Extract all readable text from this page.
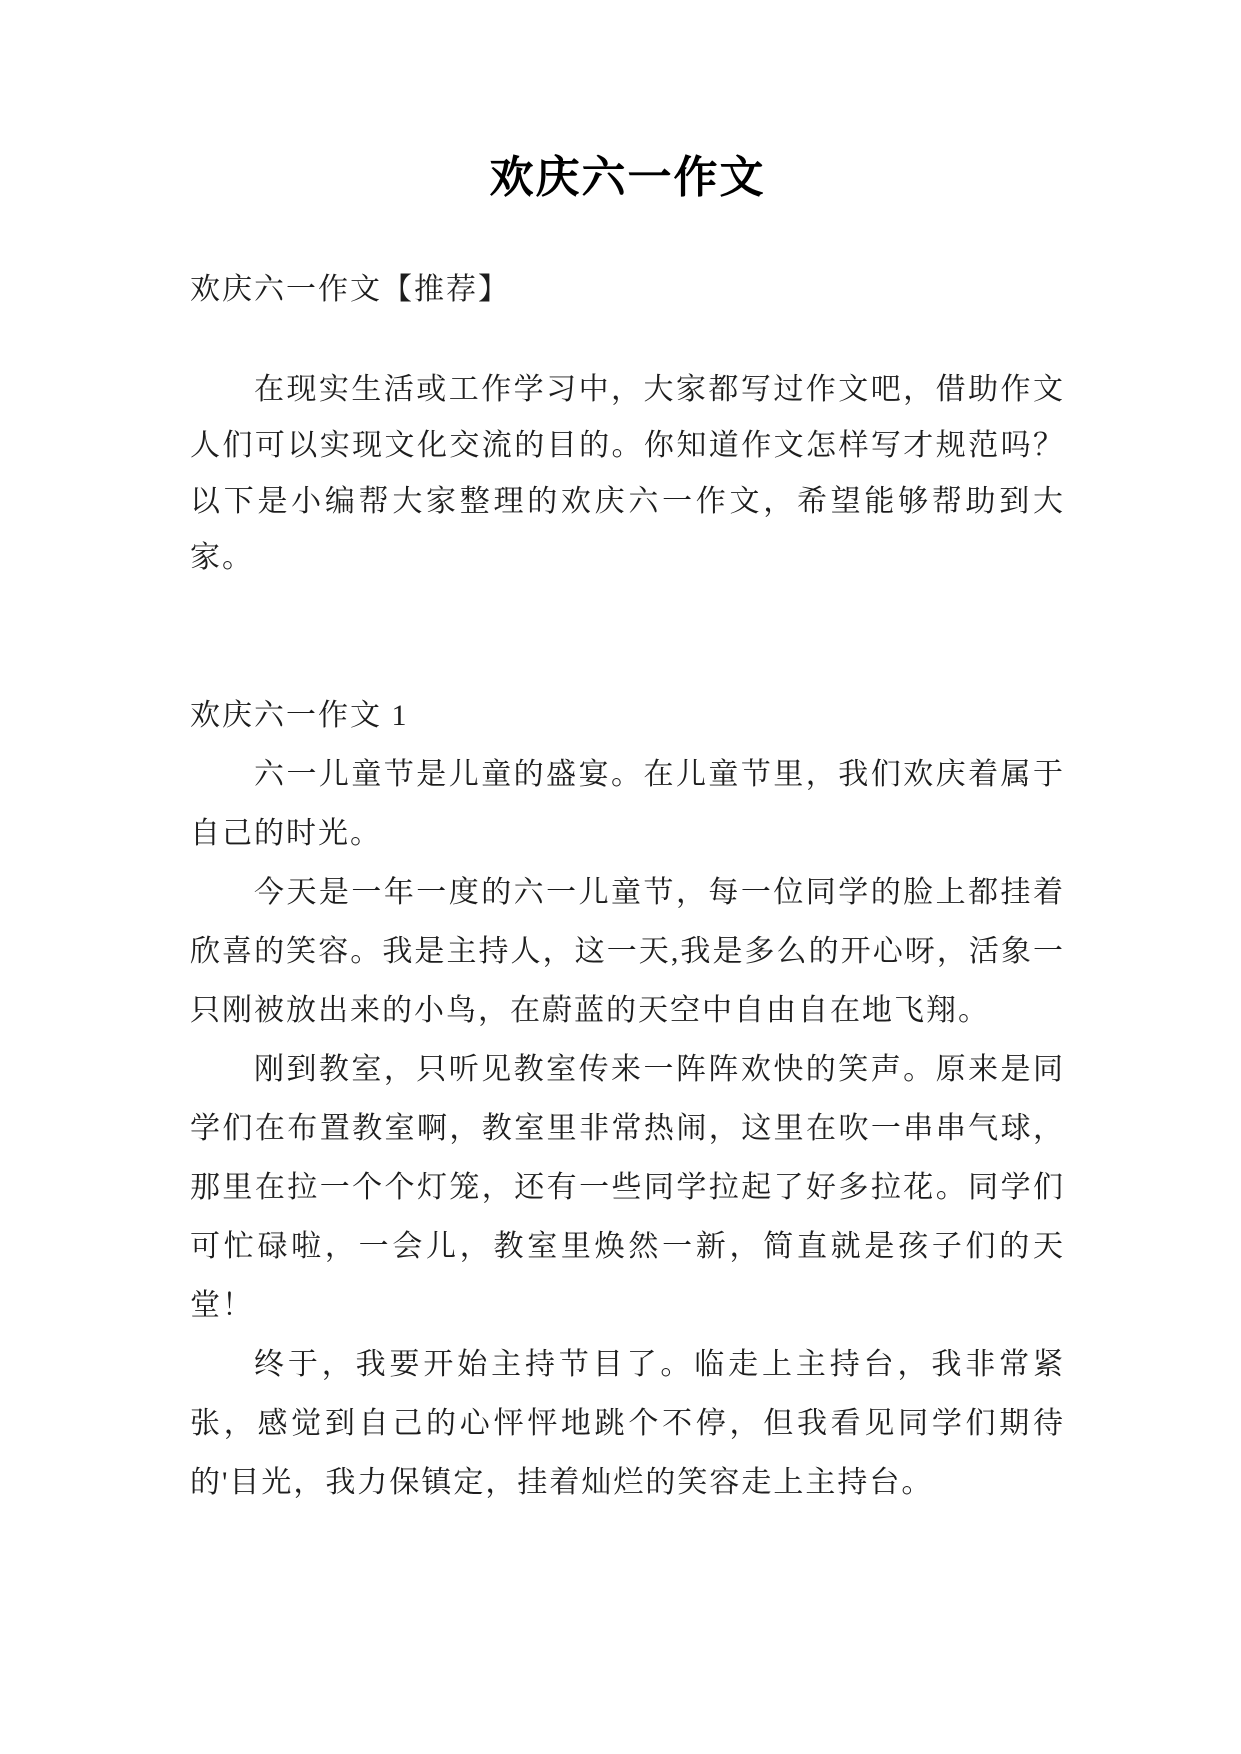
欢庆六一作文

欢庆六一作文【推荐】

在现实生活或工作学习中，大家都写过作文吧，借助作文人们可以实现文化交流的目的。你知道作文怎样写才规范吗？以下是小编帮大家整理的欢庆六一作文，希望能够帮助到大家。

欢庆六一作文 1

六一儿童节是儿童的盛宴。在儿童节里，我们欢庆着属于自己的时光。

今天是一年一度的六一儿童节，每一位同学的脸上都挂着欣喜的笑容。我是主持人，这一天,我是多么的开心呀，活象一只刚被放出来的小鸟，在蔚蓝的天空中自由自在地飞翔。

刚到教室，只听见教室传来一阵阵欢快的笑声。原来是同学们在布置教室啊，教室里非常热闹，这里在吹一串串气球，那里在拉一个个灯笼，还有一些同学拉起了好多拉花。同学们可忙碌啦，一会儿，教室里焕然一新，简直就是孩子们的天堂！

终于，我要开始主持节目了。临走上主持台，我非常紧张，感觉到自己的心怦怦地跳个不停，但我看见同学们期待的'目光，我力保镇定，挂着灿烂的笑容走上主持台。
